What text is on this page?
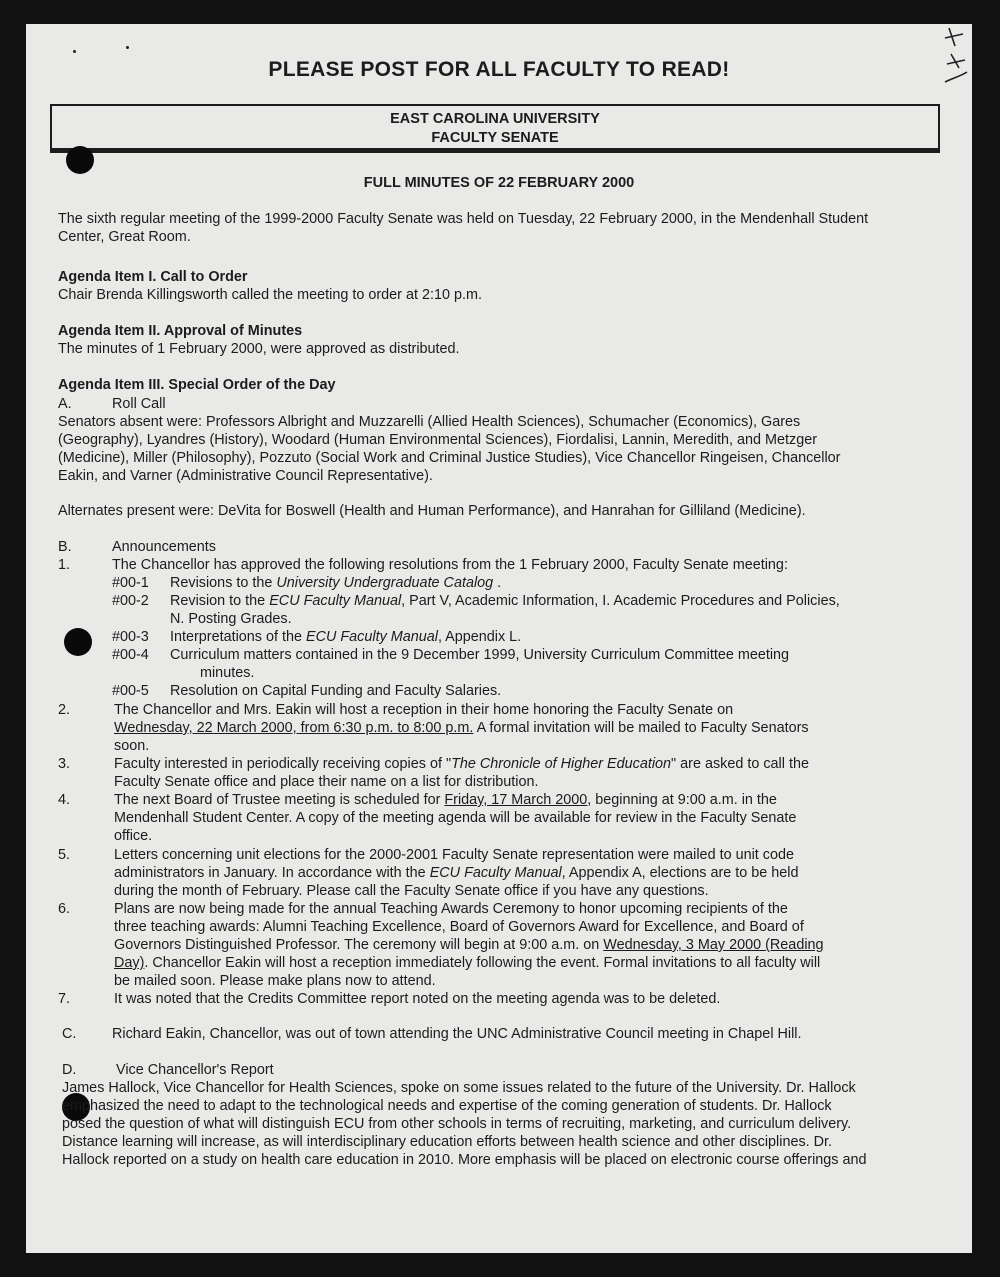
PLEASE POST FOR ALL FACULTY TO READ!
EAST CAROLINA UNIVERSITY
FACULTY SENATE
FULL MINUTES OF 22 FEBRUARY 2000
The sixth regular meeting of the 1999-2000 Faculty Senate was held on Tuesday, 22 February 2000, in the Mendenhall Student
Center, Great Room.
Agenda Item I. Call to Order
Chair Brenda Killingsworth called the meeting to order at 2:10 p.m.
Agenda Item II. Approval of Minutes
The minutes of 1 February 2000, were approved as distributed.
Agenda Item III. Special Order of the Day
A.	Roll Call
Senators absent were: Professors Albright and Muzzarelli (Allied Health Sciences), Schumacher (Economics), Gares
(Geography), Lyandres (History), Woodard (Human Environmental Sciences), Fiordalisi, Lannin, Meredith, and Metzger
(Medicine), Miller (Philosophy), Pozzuto (Social Work and Criminal Justice Studies), Vice Chancellor Ringeisen, Chancellor
Eakin, and Varner (Administrative Council Representative).
Alternates present were: DeVita for Boswell (Health and Human Performance), and Hanrahan for Gilliland (Medicine).
B.	Announcements
1.	The Chancellor has approved the following resolutions from the 1 February 2000, Faculty Senate meeting:
#00-1 Revisions to the University Undergraduate Catalog .
#00-2 Revision to the ECU Faculty Manual, Part V, Academic Information, I. Academic Procedures and Policies,
N. Posting Grades.
#00-3 Interpretations of the ECU Faculty Manual, Appendix L.
#00-4 Curriculum matters contained in the 9 December 1999, University Curriculum Committee meeting
minutes.
#00-5 Resolution on Capital Funding and Faculty Salaries.
2.	The Chancellor and Mrs. Eakin will host a reception in their home honoring the Faculty Senate on
Wednesday, 22 March 2000, from 6:30 p.m. to 8:00 p.m. A formal invitation will be mailed to Faculty Senators
soon.
3.	Faculty interested in periodically receiving copies of "The Chronicle of Higher Education" are asked to call the
Faculty Senate office and place their name on a list for distribution.
4.	The next Board of Trustee meeting is scheduled for Friday, 17 March 2000, beginning at 9:00 a.m. in the
Mendenhall Student Center. A copy of the meeting agenda will be available for review in the Faculty Senate
office.
5.	Letters concerning unit elections for the 2000-2001 Faculty Senate representation were mailed to unit code
administrators in January. In accordance with the ECU Faculty Manual, Appendix A, elections are to be held
during the month of February. Please call the Faculty Senate office if you have any questions.
6.	Plans are now being made for the annual Teaching Awards Ceremony to honor upcoming recipients of the
three teaching awards: Alumni Teaching Excellence, Board of Governors Award for Excellence, and Board of
Governors Distinguished Professor. The ceremony will begin at 9:00 a.m. on Wednesday, 3 May 2000 (Reading
Day). Chancellor Eakin will host a reception immediately following the event. Formal invitations to all faculty will
be mailed soon. Please make plans now to attend.
7.	It was noted that the Credits Committee report noted on the meeting agenda was to be deleted.
C. Richard Eakin, Chancellor, was out of town attending the UNC Administrative Council meeting in Chapel Hill.
D.	Vice Chancellor's Report
James Hallock, Vice Chancellor for Health Sciences, spoke on some issues related to the future of the University. Dr. Hallock
emphasized the need to adapt to the technological needs and expertise of the coming generation of students. Dr. Hallock
posed the question of what will distinguish ECU from other schools in terms of recruiting, marketing, and curriculum delivery.
Distance learning will increase, as will interdisciplinary education efforts between health science and other disciplines. Dr.
Hallock reported on a study on health care education in 2010. More emphasis will be placed on electronic course offerings and
